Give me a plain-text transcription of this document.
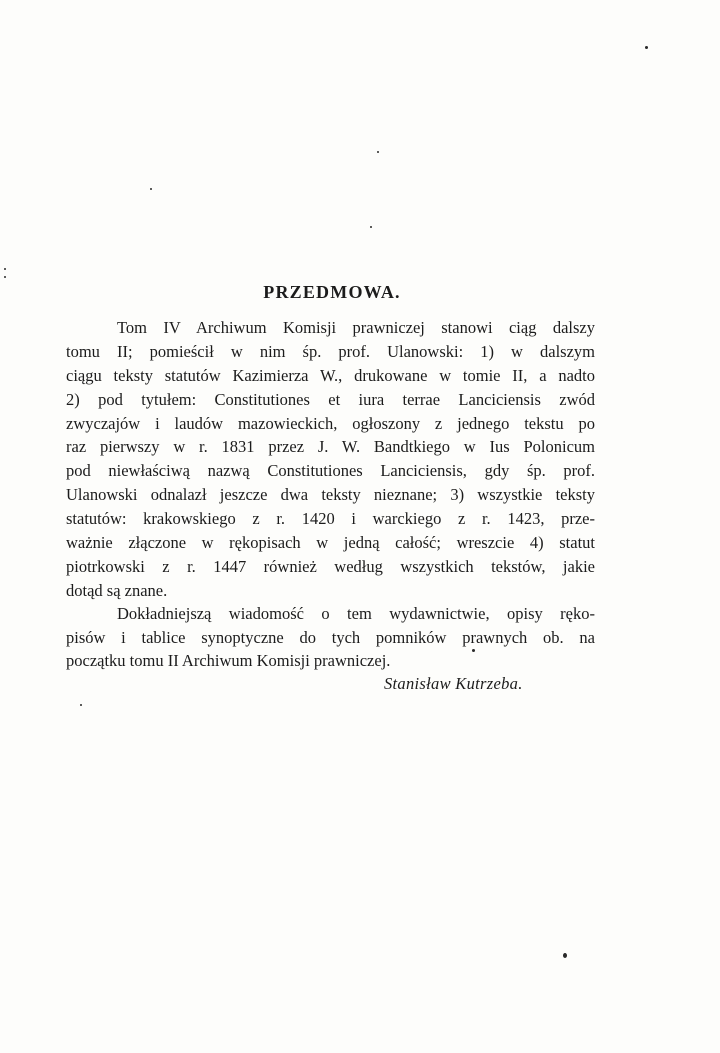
PRZEDMOWA.
Tom IV Archiwum Komisji prawniczej stanowi ciąg dalszy
tomu II; pomieścił w nim śp. prof. Ulanowski: 1) w dalszym
ciągu teksty statutów Kazimierza W., drukowane w tomie II, a nadto
2) pod tytułem: Constitutiones et iura terrae Lanciciensis zwód
zwyczajów i laudów mazowieckich, ogłoszony z jednego tekstu po
raz pierwszy w r. 1831 przez J. W. Bandtkiego w Ius Polonicum
pod niewłaściwą nazwą Constitutiones Lanciciensis, gdy śp. prof.
Ulanowski odnalazł jeszcze dwa teksty nieznane; 3) wszystkie teksty
statutów: krakowskiego z r. 1420 i warckiego z r. 1423, prze-
ważnie złączone w rękopisach w jedną całość; wreszcie 4) statut
piotrkowski z r. 1447 również według wszystkich tekstów, jakie
dotąd są znane.
Dokładniejszą wiadomość o tem wydawnictwie, opisy ręko-
pisów i tablice synoptyczne do tych pomników prawnych ob. na
początku tomu II Archiwum Komisji prawniczej.
Stanisław Kutrzeba.
